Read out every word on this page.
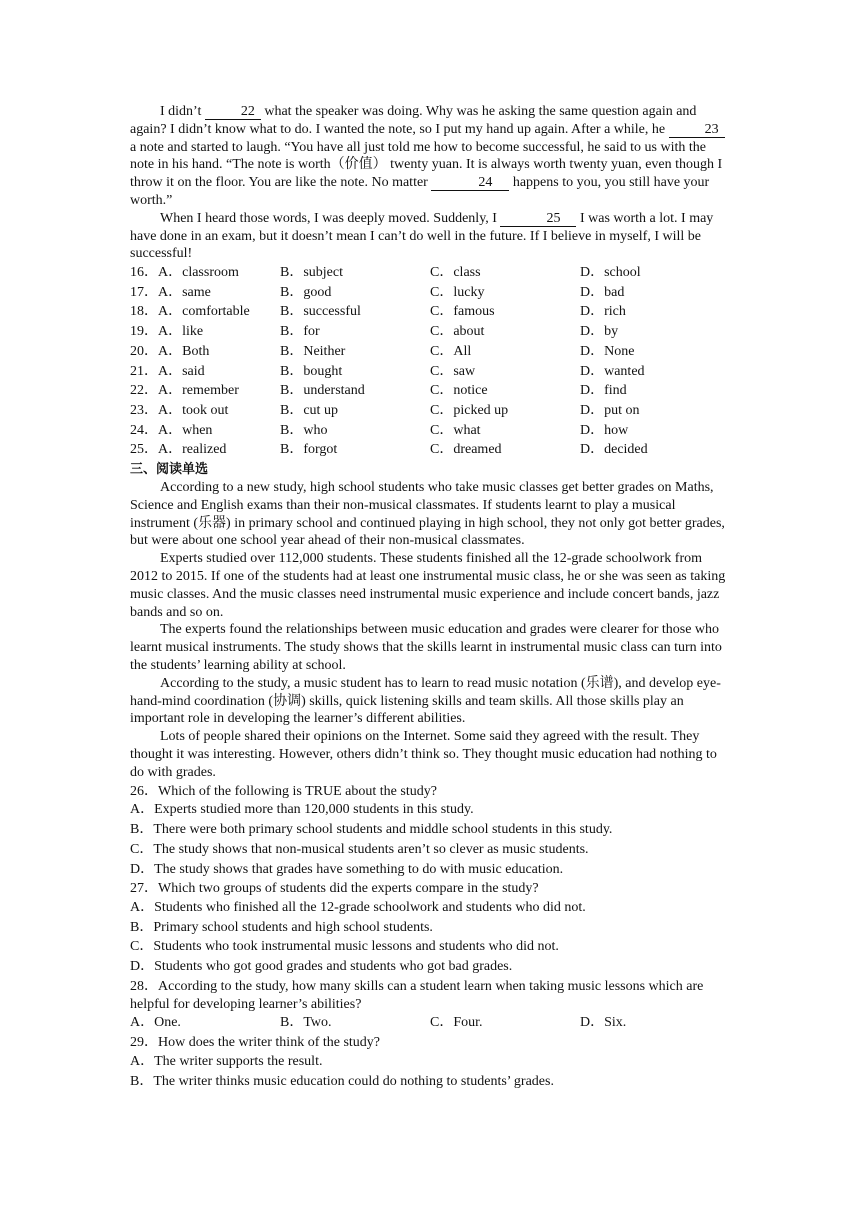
I didn’t	22 what the speaker was doing. Why was he asking the same question again and again? I didn’t know what to do. I wanted the note, so I put my hand up again. After a while, he	23 a note and started to laugh. “You have all just told me how to become successful, he said to us with the note in his hand. “The note is worth（价值） twenty yuan. It is always worth twenty yuan, even though I throw it on the floor. You are like the note. No matter	24 happens to you, you still have your worth.”

When I heard those words, I was deeply moved. Suddenly, I	25 I was worth a lot. I may have done in an exam, but it doesn’t mean I can’t do well in the future. If I believe in myself, I will be successful!

16．A．classroom	B．subject	C．class	D．school
17．A．same	B．good	C．lucky	D．bad
18．A．comfortable	B．successful	C．famous	D．rich
19．A．like	B．for	C．about	D．by
20．A．Both	B．Neither	C．All	D．None
21．A．said	B．bought	C．saw	D．wanted
22．A．remember	B．understand	C．notice	D．find
23．A．took out	B．cut up	C．picked up	D．put on
24．A．when	B．who	C．what	D．how
25．A．realized	B．forgot	C．dreamed	D．decided

三、阅读单选

According to a new study, high school students who take music classes get better grades on Maths, Science and English exams than their non-musical classmates. If students learnt to play a musical instrument (乐器) in primary school and continued playing in high school, they not only got better grades, but were about one school year ahead of their non-musical classmates.

Experts studied over 112,000 students. These students finished all the 12-grade schoolwork from 2012 to 2015. If one of the students had at least one instrumental music class, he or she was seen as taking music classes. And the music classes need instrumental music experience and include concert bands, jazz bands and so on.

The experts found the relationships between music education and grades were clearer for those who learnt musical instruments. The study shows that the skills learnt in instrumental music class can turn into the students’ learning ability at school.

According to the study, a music student has to learn to read music notation (乐谱), and develop eye-hand-mind coordination (协调) skills, quick listening skills and team skills. All those skills play an important role in developing the learner’s different abilities.

Lots of people shared their opinions on the Internet. Some said they agreed with the result. They thought it was interesting. However, others didn’t think so. They thought music education had nothing to do with grades.

26．Which of the following is TRUE about the study?

A．Experts studied more than 120,000 students in this study.

B．There were both primary school students and middle school students in this study.

C．The study shows that non-musical students aren’t so clever as music students.

D．The study shows that grades have something to do with music education.

27．Which two groups of students did the experts compare in the study?

A．Students who finished all the 12-grade schoolwork and students who did not.

B．Primary school students and high school students.

C．Students who took instrumental music lessons and students who did not.

D．Students who got good grades and students who got bad grades.

28．According to the study, how many skills can a student learn when taking music lessons which are helpful for developing learner’s abilities?

A．One.	B．Two.	C．Four.	D．Six.

29．How does the writer think of the study?

A．The writer supports the result.

B．The writer thinks music education could do nothing to students’ grades.
